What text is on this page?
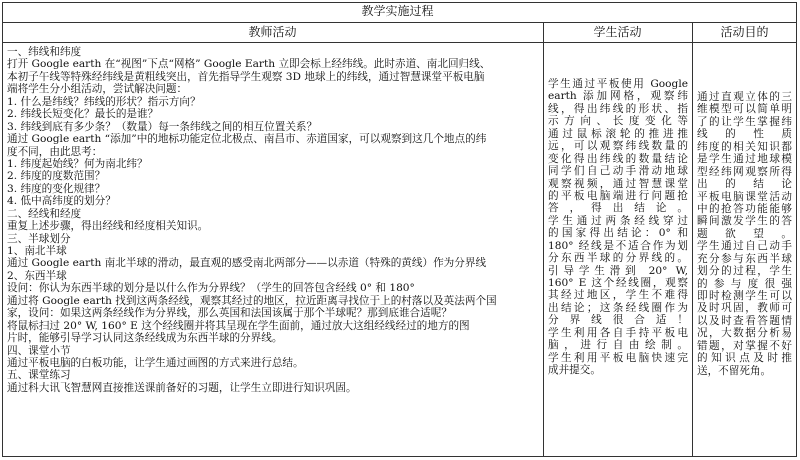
教学实施过程
教师活动	学生活动	活动目的
一、纬线和纬度
打开 Google earth 在“视图”下点“网格” Google Earth 立即会标上经纬线。此时赤道、南北回归线、
本初子午线等特殊经纬线是黄粗线突出，首先指导学生观察 3D 地球上的纬线，通过智慧课堂平板电脑
端将学生分小组活动，尝试解决问题：
1. 什么是纬线？纬线的形状？指示方向？
2. 纬线长短变化？最长的是谁？
3. 纬线到底有多少条？（数量）每一条纬线之间的相互位置关系？
通过 Google earth “添加”中的地标功能定位北极点、南昌市、赤道国家，可以观察到这几个地点的纬
度不同，由此思考：
1. 纬度起始线？何为南北纬？
2. 纬度的度数范围？
3. 纬度的变化规律？
4. 低中高纬度的划分？
二、经线和经度
重复上述步骤，得出经线和经度相关知识。
三、半球划分
1、南北半球
通过 Google earth 南北半球的滑动，最直观的感受南北两部分——以赤道（特殊的黄线）作为分界线
2、东西半球
设问：你认为东西半球的划分是以什么作为分界线？（学生的回答包含经线 0° 和 180°
通过将 Google earth 找到这两条经线，观察其经过的地区，拉近距离寻找位于上的村落以及英法两个国
家，设问：如果这两条经线作为分界线，那么英国和法国该属于那个半球呢？那到底谁合适呢？
将鼠标扫过 20° W, 160° E 这个经线圈并将其呈现在学生面前，通过放大这组经线经过的地方的图
片时，能够引导学习认同这条经线成为东西半球的分界线。
四、课堂小节
通过平板电脑的白板功能，让学生通过画图的方式来进行总结。
五、课堂练习
通过科大讯飞智慧网直接推送课前备好的习题，让学生立即进行知识巩固。
学生通过平板使用 Google
earth 添加网格，观察纬
线，得出纬线的形状、指
示方向、长度变化等
通过鼠标滚轮的推进推
远，可以观察纬线数量的
变化得出纬线的数量结论
同学们自己动手滑动地球
观察视频，通过智慧课堂
的平板电脑端进行问题抢
答，得出结论。
学生通过两条经线穿过
的国家得出结论：0° 和
180° 经线是不适合作为划
分东西半球的分界线的。
引导学生滑到 20° W,
160° E 这个经线圈，观察
其经过地区，学生不难得
出结论；这条经线圈作为
分界线很合适！
学生利用各自手持平板电
脑，进行自由绘制。
学生利用平板电脑快速完
成并提交。
通过直观立体的三
维模型可以简单明
了的让学生掌握纬
线的性质
纬度的相关知识都
是学生通过地球模
型经纬网观察所得
出的结论
平板电脑课堂活动
中的抢答功能能够
瞬间激发学生的答
题欲望。
学生通过自己动手
充分参与东西半球
划分的过程，学生
的参与度很强
即时检测学生可以
及时巩固，教师可
以及时查看答题情
况，大数据分析易
错题，对掌握不好
的知识点及时推
送，不留死角。
